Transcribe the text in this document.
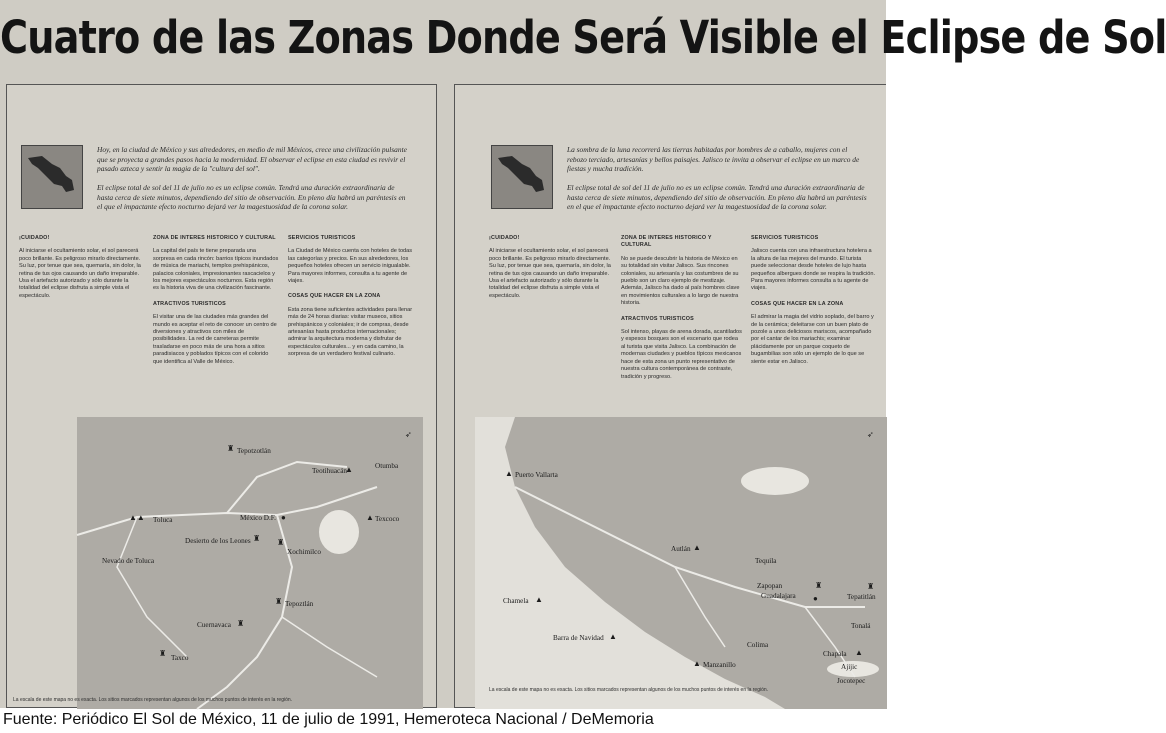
Cuatro de las Zonas Donde Será Visible el Eclipse de Sol

Hoy, en la ciudad de México y sus alrededores, en medio de mil Méxicos, crece una civilización pulsante que se proyecta a grandes pasos hacia la modernidad. El observar el eclipse en esta ciudad es revivir el pasado azteca y sentir la magia de la "cultura del sol".

El eclipse total de sol del 11 de julio no es un eclipse común. Tendrá una duración extraordinaria de hasta cerca de siete minutos, dependiendo del sitio de observación. En pleno día habrá un paréntesis en el que el impactante efecto nocturno dejará ver la magestuosidad de la corona solar.

¡CUIDADO!

Al iniciarse el ocultamiento solar, el sol parecerá poco brillante. Es peligroso mirarlo directamente. Su luz, por tenue que sea, quemaría, sin dolor, la retina de tus ojos causando un daño irreparable. Usa el artefacto autorizado y sólo durante la totalidad del eclipse disfruta a simple vista el espectáculo.

ZONA DE INTERES HISTORICO Y CULTURAL

La capital del país te tiene preparada una sorpresa en cada rincón: barrios típicos inundados de música de mariachi, templos prehispánicos, palacios coloniales, impresionantes rascacielos y los mejores espectáculos nocturnos. Esta región es la historia viva de una civilización fascinante.

ATRACTIVOS TURISTICOS

El visitar una de las ciudades más grandes del mundo es aceptar el reto de conocer un centro de diversiones y atractivos con miles de posibilidades. La red de carreteras permite trasladarse en poco más de una hora a sitios paradisiacos y poblados típicos con el colorido que identifica al Valle de México.

SERVICIOS TURISTICOS

La Ciudad de México cuenta con hoteles de todas las categorías y precios. En sus alrededores, los pequeños hoteles ofrecen un servicio inigualable. Para mayores informes, consulta a tu agente de viajes.

COSAS QUE HACER EN LA ZONA

Esta zona tiene suficientes actividades para llenar más de 24 horas diarias: visitar museos, sitios prehispánicos y coloniales; ir de compras, desde artesanías hasta productos internacionales; admirar la arquitectura moderna y disfrutar de espectáculos culturales... y en cada camino, la sorpresa de un verdadero festival culinario.

♜ Tepotzotlán
Teotihuacán
▲	Otumba
▲▲ Toluca	México D.F. ●	▲ Texcoco
Desierto de los Leones ♜ ♜
Xochimilco
Nevado de Toluca
♜ Tepoztlán
Cuernavaca ♜
♜ Taxco
➶
La escala de este mapa no es exacta. Los sitios marcados representan algunos de los muchos puntos de interés en la región.

La sombra de la luna recorrerá las tierras habitadas por hombres de a caballo, mujeres con el rebozo terciado, artesanías y bellos paisajes. Jalisco te invita a observar el eclipse en un marco de fiestas y mucha tradición.

El eclipse total de sol del 11 de julio no es un eclipse común. Tendrá una duración extraordinaria de hasta cerca de siete minutos, dependiendo del sitio de observación. En pleno día habrá un paréntesis en el que el impactante efecto nocturno dejará ver la magestuosidad de la corona solar.

¡CUIDADO!

Al iniciarse el ocultamiento solar, el sol parecerá poco brillante. Es peligroso mirarlo directamente. Su luz, por tenue que sea, quemaría, sin dolor, la retina de tus ojos causando un daño irreparable. Usa el artefacto autorizado y sólo durante la totalidad del eclipse disfruta a simple vista el espectáculo.

ZONA DE INTERES HISTORICO Y CULTURAL

No se puede descubrir la historia de México en su totalidad sin visitar Jalisco. Sus rincones coloniales, su artesanía y las costumbres de su pueblo son un claro ejemplo de mestizaje. Además, Jalisco ha dado al país hombres clave en movimientos culturales a lo largo de nuestra historia.

ATRACTIVOS TURISTICOS

Sol intenso, playas de arena dorada, acantilados y espesos bosques son el escenario que rodea al turista que visita Jalisco. La combinación de modernas ciudades y pueblos típicos mexicanos hace de esta zona un punto representativo de nuestra cultura contemporánea de contraste, tradición y progreso.

SERVICIOS TURISTICOS

Jalisco cuenta con una infraestructura hotelera a la altura de las mejores del mundo. El turista puede seleccionar desde hoteles de lujo hasta pequeños albergues donde se respira la tradición. Para mayores informes consulta a tu agente de viajes.

COSAS QUE HACER EN LA ZONA

El admirar la magia del vidrio soplado, del barro y de la cerámica; deleitarse con un buen plato de pozole a unos deliciosos mariscos, acompañado por el cantar de los mariachis; examinar plácidamente por un parque coqueto de bugambilias son sólo un ejemplo de lo que se siente estar en Jalisco.

▲ Puerto Vallarta
Autlán ▲
Tequila
Zapopan	♜
Guadalajara ●
♜
Tepatitlán
Chamela ▲
Tonalá
Barra de Navidad ▲
Colima
Chapala ▲
▲ Manzanillo	Ajijic
Jocotepec
➶
La escala de este mapa no es exacta. Los sitios marcados representan algunos de los muchos puntos de interés en la región.
Fuente: Periódico El Sol de México, 11 de julio de 1991, Hemeroteca Nacional / DeMemoria
